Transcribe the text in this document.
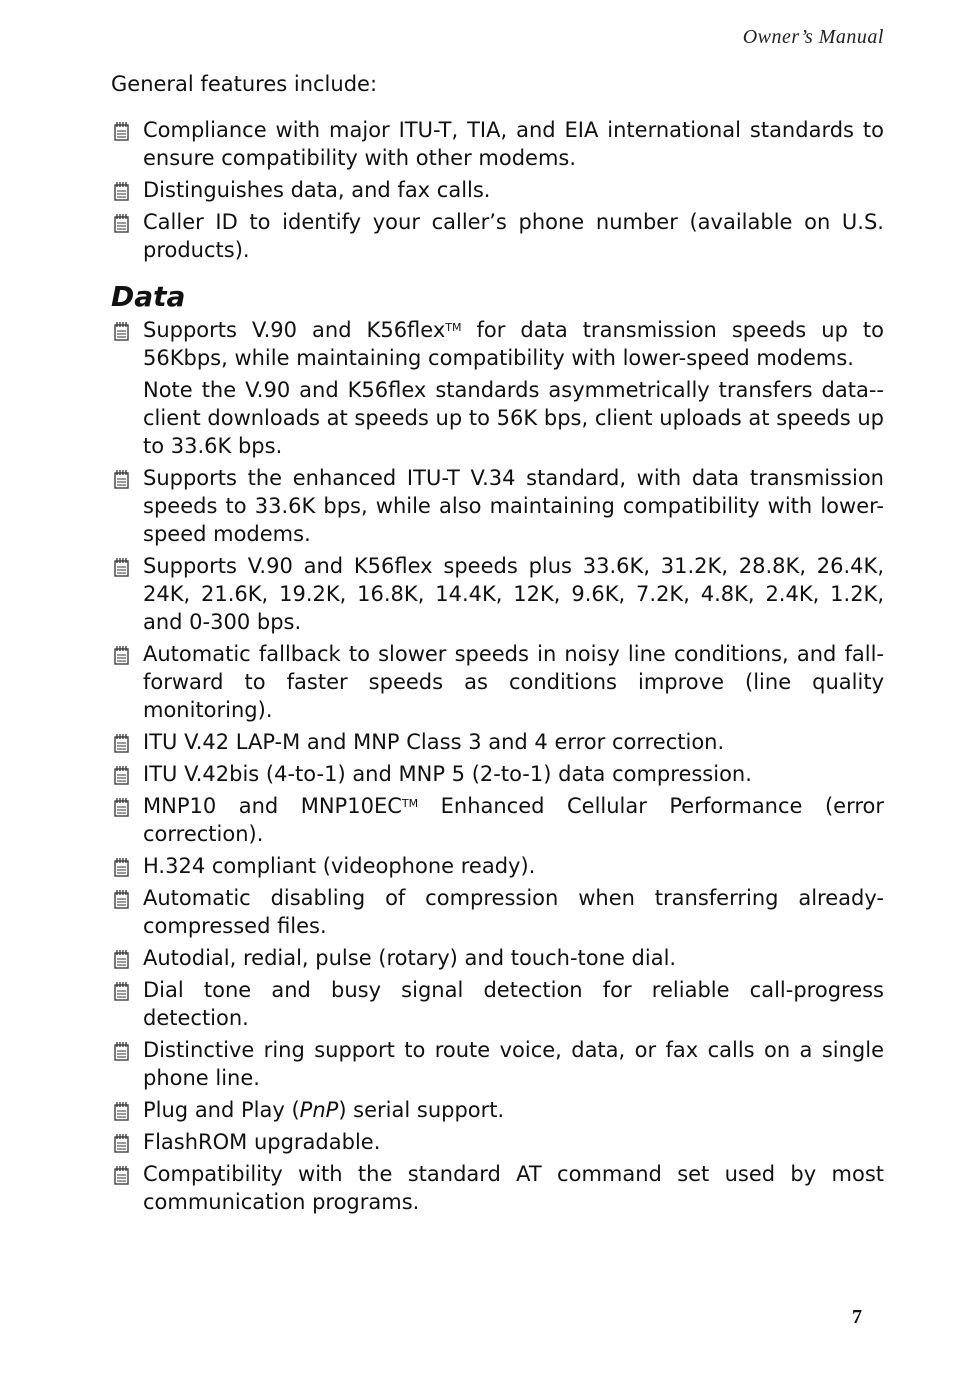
Owner’s Manual

General features include:

Compliance with major ITU-T, TIA, and EIA international standards to ensure compatibility with other modems.
Distinguishes data, and fax calls.
Caller ID to identify your caller’s phone number (available on U.S. products).
Data
Supports V.90 and K56flex™ for data transmission speeds up to 56Kbps, while maintaining compatibility with lower-speed modems.

Note the V.90 and K56flex standards asymmetrically transfers data--client downloads at speeds up to 56K bps, client uploads at speeds up to 33.6K bps.

Supports the enhanced ITU-T V.34 standard, with data transmission speeds to 33.6K bps, while also maintaining compatibility with lower-speed modems.
Supports V.90 and K56flex speeds plus 33.6K, 31.2K, 28.8K, 26.4K, 24K, 21.6K, 19.2K, 16.8K, 14.4K, 12K, 9.6K, 7.2K, 4.8K, 2.4K, 1.2K, and 0-300 bps.
Automatic fallback to slower speeds in noisy line conditions, and fall-forward to faster speeds as conditions improve (line quality monitoring).
ITU V.42 LAP-M and MNP Class 3 and 4 error correction.
ITU V.42bis (4-to-1) and MNP 5 (2-to-1) data compression.
MNP10 and MNP10EC™ Enhanced Cellular Performance (error correction).
H.324 compliant (videophone ready).
Automatic disabling of compression when transferring already-compressed files.
Autodial, redial, pulse (rotary) and touch-tone dial.
Dial tone and busy signal detection for reliable call-progress detection.
Distinctive ring support to route voice, data, or fax calls on a single phone line.
Plug and Play (PnP) serial support.
FlashROM upgradable.
Compatibility with the standard AT command set used by most communication programs.
7
